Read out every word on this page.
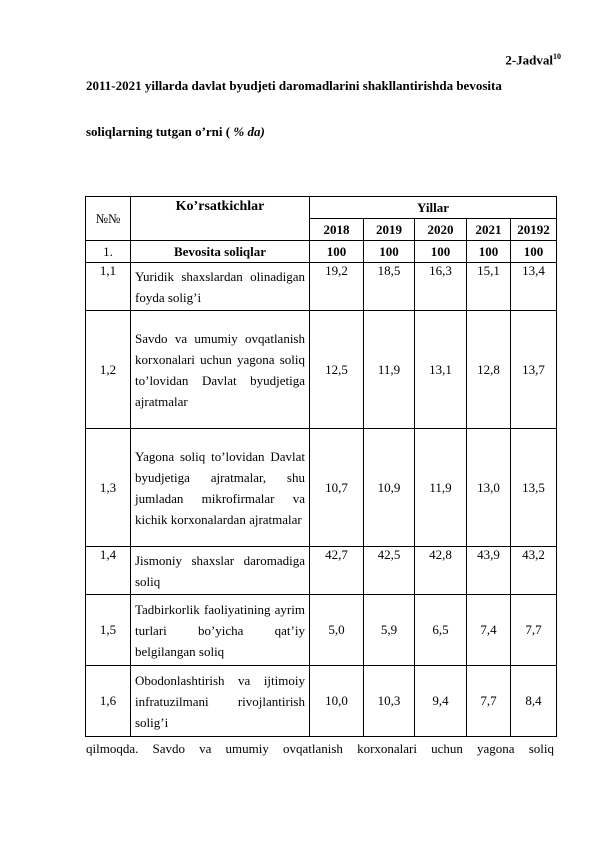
2-Jadval$^{10}$
2011-2021 yillarda davlat byudjeti daromadlarini shakllantirishda bevosita
soliqlarning tutgan o’rni ( % da)
№№	Ko’rsatkichlar	Yillar				
		2018	2019	2020	2021	20192
1.	Bevosita soliqlar	100	100	100	100	100
1,1	Yuridik shaxslardan olinadigan foyda solig’i	19,2	18,5	16,3	15,1	13,4
1,2	Savdo va umumiy ovqatlanish korxonalari uchun yagona soliq to’lovidan Davlat byudjetiga ajratmalar	12,5	11,9	13,1	12,8	13,7
1,3	Yagona soliq to’lovidan Davlat byudjetiga ajratmalar, shu jumladan mikrofirmalar va kichik korxonalardan ajratmalar	10,7	10,9	11,9	13,0	13,5
1,4	Jismoniy shaxslar daromadiga soliq	42,7	42,5	42,8	43,9	43,2
1,5	Tadbirkorlik faoliyatining ayrim turlari bo’yicha qat’iy belgilangan soliq	5,0	5,9	6,5	7,4	7,7
1,6	Obodonlashtirish va ijtimoiy infratuzilmani rivojlantirish solig’i	10,0	10,3	9,4	7,7	8,4
qilmoqda. Savdo va umumiy ovqatlanish korxonalari uchun yagona soliq
